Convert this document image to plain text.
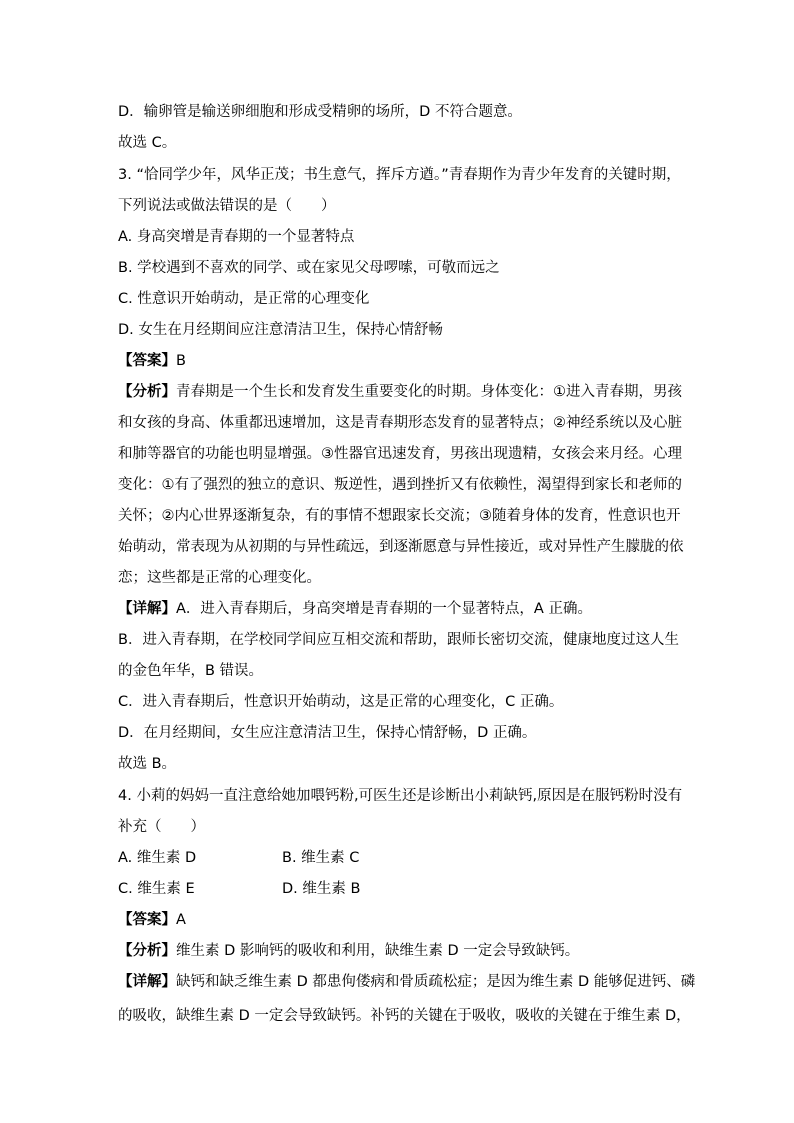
D．输卵管是输送卵细胞和形成受精卵的场所，D 不符合题意。
故选 C。
3. “恰同学少年，风华正茂；书生意气，挥斥方遒。”青春期作为青少年发育的关键时期，
下列说法或做法错误的是（　　）
A. 身高突增是青春期的一个显著特点
B. 学校遇到不喜欢的同学、或在家见父母啰嗦，可敬而远之
C. 性意识开始萌动，是正常的心理变化
D. 女生在月经期间应注意清洁卫生，保持心情舒畅
【答案】B
【分析】青春期是一个生长和发育发生重要变化的时期。身体变化：①进入青春期，男孩
和女孩的身高、体重都迅速增加，这是青春期形态发育的显著特点；②神经系统以及心脏
和肺等器官的功能也明显增强。③性器官迅速发育，男孩出现遗精，女孩会来月经。心理
变化：①有了强烈的独立的意识、叛逆性，遇到挫折又有依赖性，渴望得到家长和老师的
关怀；②内心世界逐渐复杂，有的事情不想跟家长交流；③随着身体的发育，性意识也开
始萌动，常表现为从初期的与异性疏远，到逐渐愿意与异性接近，或对异性产生朦胧的依
恋；这些都是正常的心理变化。
【详解】A．进入青春期后，身高突增是青春期的一个显著特点，A 正确。
B．进入青春期，在学校同学间应互相交流和帮助，跟师长密切交流，健康地度过这人生
的金色年华，B 错误。
C．进入青春期后，性意识开始萌动，这是正常的心理变化，C 正确。
D．在月经期间，女生应注意清洁卫生，保持心情舒畅，D 正确。
故选 B。
4. 小莉的妈妈一直注意给她加喂钙粉,可医生还是诊断出小莉缺钙,原因是在服钙粉时没有
补充（　　）
A. 维生素 D	B. 维生素 C
C. 维生素 E	D. 维生素 B
【答案】A
【分析】维生素 D 影响钙的吸收和利用，缺维生素 D 一定会导致缺钙。
【详解】缺钙和缺乏维生素 D 都患佝偻病和骨质疏松症；是因为维生素 D 能够促进钙、磷
的吸收，缺维生素 D 一定会导致缺钙。补钙的关键在于吸收，吸收的关键在于维生素 D，
